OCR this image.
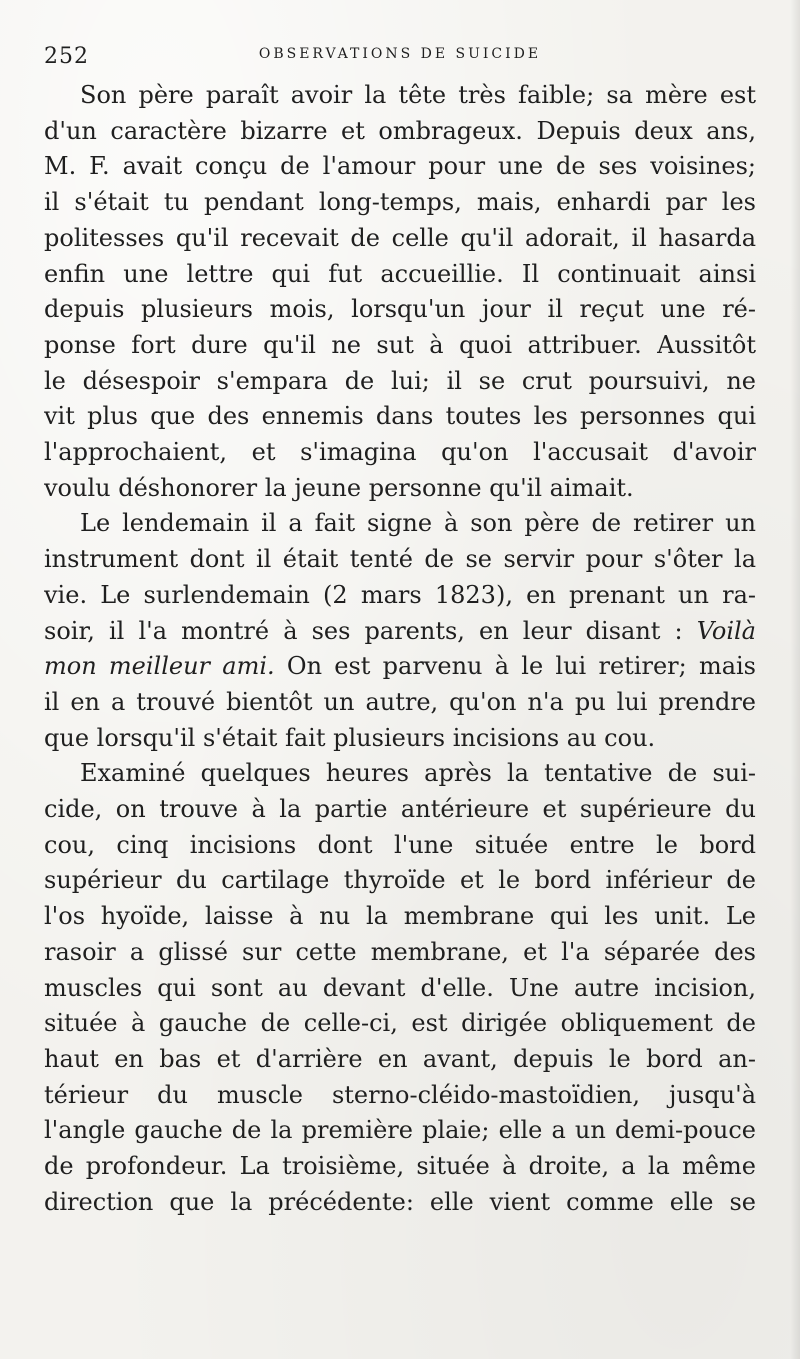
252	OBSERVATIONS DE SUICIDE

Son père paraît avoir la tête très faible; sa mère est
d'un caractère bizarre et ombrageux. Depuis deux ans,
M. F. avait conçu de l'amour pour une de ses voisines;
il s'était tu pendant long-temps, mais, enhardi par les
politesses qu'il recevait de celle qu'il adorait, il hasarda
enfin une lettre qui fut accueillie. Il continuait ainsi
depuis plusieurs mois, lorsqu'un jour il reçut une ré-
ponse fort dure qu'il ne sut à quoi attribuer. Aussitôt
le désespoir s'empara de lui; il se crut poursuivi, ne
vit plus que des ennemis dans toutes les personnes qui
l'approchaient, et s'imagina qu'on l'accusait d'avoir
voulu déshonorer la jeune personne qu'il aimait.

Le lendemain il a fait signe à son père de retirer un
instrument dont il était tenté de se servir pour s'ôter la
vie. Le surlendemain (2 mars 1823), en prenant un ra-
soir, il l'a montré à ses parents, en leur disant : Voilà
mon meilleur ami. On est parvenu à le lui retirer; mais
il en a trouvé bientôt un autre, qu'on n'a pu lui prendre
que lorsqu'il s'était fait plusieurs incisions au cou.

Examiné quelques heures après la tentative de sui-
cide, on trouve à la partie antérieure et supérieure du
cou, cinq incisions dont l'une située entre le bord
supérieur du cartilage thyroïde et le bord inférieur de
l'os hyoïde, laisse à nu la membrane qui les unit. Le
rasoir a glissé sur cette membrane, et l'a séparée des
muscles qui sont au devant d'elle. Une autre incision,
située à gauche de celle-ci, est dirigée obliquement de
haut en bas et d'arrière en avant, depuis le bord an-
térieur du muscle sterno-cléido-mastoïdien, jusqu'à
l'angle gauche de la première plaie; elle a un demi-pouce
de profondeur. La troisième, située à droite, a la même
direction que la précédente: elle vient comme elle se
